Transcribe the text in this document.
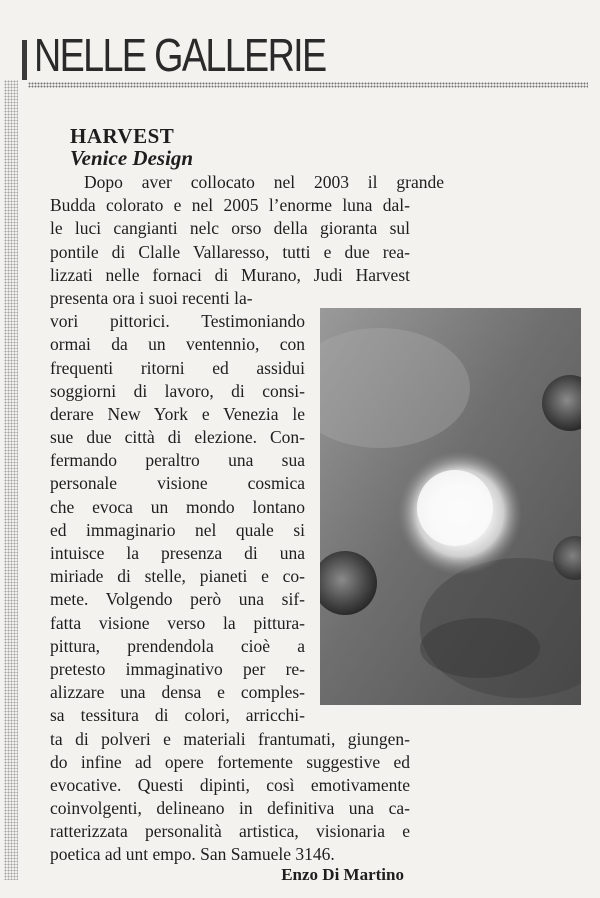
NELLE GALLERIE
HARVEST
Venice Design
Dopo aver collocato nel 2003 il grande
Budda colorato e nel 2005 l’enorme luna dal-
le luci cangianti nelc orso della gioranta sul
pontile di Clalle Vallaresso, tutti e due rea-
lizzati nelle fornaci di Murano, Judi Harvest
presenta ora i suoi recenti la-
vori pittorici. Testimoniando
ormai da un ventennio, con
frequenti ritorni ed assidui
soggiorni di lavoro, di consi-
derare New York e Venezia le
sue due città di elezione. Con-
fermando peraltro una sua
personale visione cosmica
che evoca un mondo lontano
ed immaginario nel quale si
intuisce la presenza di una
miriade di stelle, pianeti e co-
mete. Volgendo però una sif-
fatta visione verso la pittura-
pittura, prendendola cioè a
pretesto immaginativo per re-
alizzare una densa e comples-
sa tessitura di colori, arricchi-
ta di polveri e materiali frantumati, giungen-
do infine ad opere fortemente suggestive ed
evocative. Questi dipinti, così emotivamente
coinvolgenti, delineano in definitiva una ca-
ratterizzata personalità artistica, visionaria e
poetica ad unt empo. San Samuele 3146.

Enzo Di Martino
